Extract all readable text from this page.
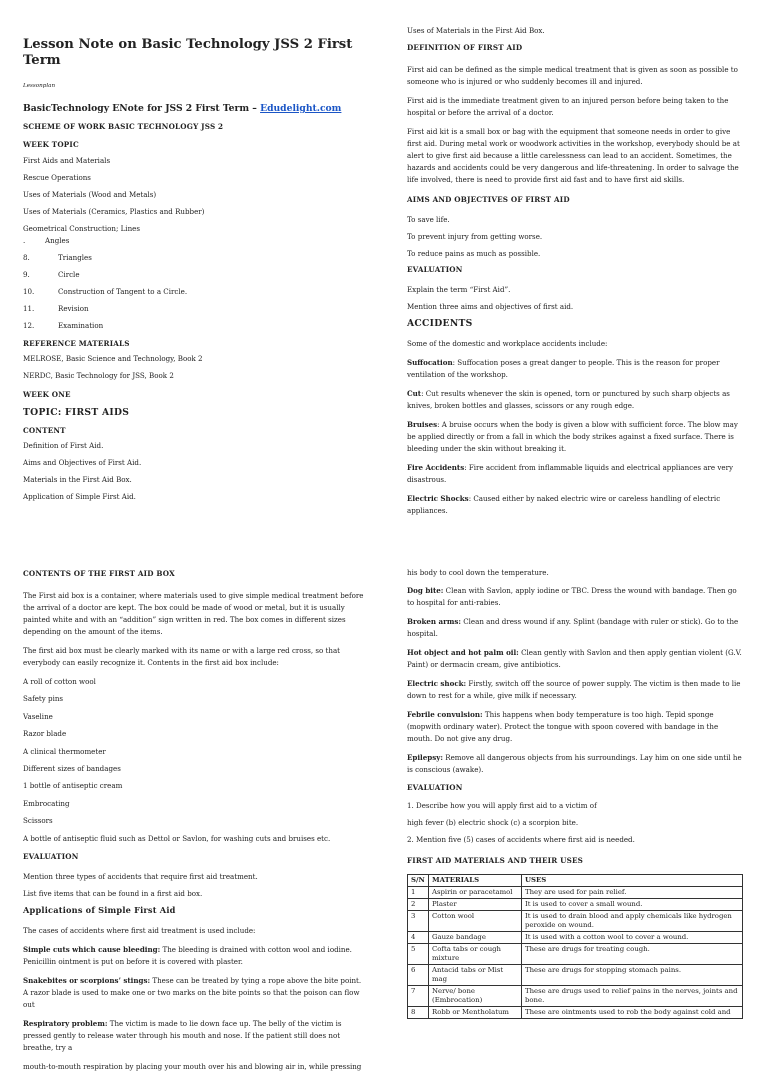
Lesson Note on Basic Technology JSS 2 First Term
Lessonplan
BasicTechnology ENote for JSS 2 First Term – Edudelight.com
SCHEME OF WORK BASIC TECHNOLOGY JSS 2
WEEK TOPIC

First Aids and Materials

Rescue Operations

Uses of Materials (Wood and Metals)

Uses of Materials (Ceramics, Plastics and Rubber)

Geometrical Construction; Lines

.	Angles
8.	Triangles
9.	Circle
10.	Construction of Tangent to a Circle.
11.	Revision
12.	Examination
REFERENCE MATERIALS

MELROSE, Basic Science and Technology, Book 2

NERDC, Basic Technology for JSS, Book 2

WEEK ONE
TOPIC: FIRST AIDS
CONTENT

Definition of First Aid.

Aims and Objectives of First Aid.

Materials in the First Aid Box.

Application of Simple First Aid.

Uses of Materials in the First Aid Box.

DEFINITION OF FIRST AID

First aid can be defined as the simple medical treatment that is given as soon as possible to someone who is injured or who suddenly becomes ill and injured.

First aid is the immediate treatment given to an injured person before being taken to the hospital or before the arrival of a doctor.

First aid kit is a small box or bag with the equipment that someone needs in order to give first aid. During metal work or woodwork activities in the workshop, everybody should be at alert to give first aid because a little carelessness can lead to an accident. Sometimes, the hazards and accidents could be very dangerous and life-threatening. In order to salvage the life involved, there is need to provide first aid fast and to have first aid skills.

AIMS AND OBJECTIVES OF FIRST AID

To save life.

To prevent injury from getting worse.

To reduce pains as much as possible.

EVALUATION

Explain the term “First Aid”.

Mention three aims and objectives of first aid.

ACCIDENTS

Some of the domestic and workplace accidents include:

Suffocation: Suffocation poses a great danger to people. This is the reason for proper ventilation of the workshop.

Cut: Cut results whenever the skin is opened, torn or punctured by such sharp objects as knives, broken bottles and glasses, scissors or any rough edge.

Bruises: A bruise occurs when the body is given a blow with sufficient force. The blow may be applied directly or from a fall in which the body strikes against a fixed surface. There is bleeding under the skin without breaking it.

Fire Accidents: Fire accident from inflammable liquids and electrical appliances are very disastrous.

Electric Shocks: Caused either by naked electric wire or careless handling of electric appliances.

CONTENTS OF THE FIRST AID BOX

The First aid box is a container, where materials used to give simple medical treatment before the arrival of a doctor are kept. The box could be made of wood or metal, but it is usually painted white and with an “addition” sign written in red. The box comes in different sizes depending on the amount of the items.

The first aid box must be clearly marked with its name or with a large red cross, so that everybody can easily recognize it. Contents in the first aid box include:

A roll of cotton wool

Safety pins

Vaseline

Razor blade

A clinical thermometer

Different sizes of bandages

1 bottle of antiseptic cream

Embrocating

Scissors

A bottle of antiseptic fluid such as Dettol or Savlon, for washing cuts and bruises etc.

EVALUATION

Mention three types of accidents that require first aid treatment.

List five items that can be found in a first aid box.

Applications of Simple First Aid

The cases of accidents where first aid treatment is used include:

Simple cuts which cause bleeding: The bleeding is drained with cotton wool and iodine. Penicillin ointment is put on before it is covered with plaster.

Snakebites or scorpions’ stings: These can be treated by tying a rope above the bite point. A razor blade is used to make one or two marks on the bite points so that the poison can flow out

Respiratory problem: The victim is made to lie down face up. The belly of the victim is pressed gently to release water through his mouth and nose. If the patient still does not breathe, try a

mouth-to-mouth respiration by placing your mouth over his and blowing air in, while pressing

his body to cool down the temperature.

Dog bite: Clean with Savlon, apply iodine or TBC. Dress the wound with bandage. Then go to hospital for anti-rabies.

Broken arms: Clean and dress wound if any. Splint (bandage with ruler or stick). Go to the hospital.

Hot object and hot palm oil: Clean gently with Savlon and then apply gentian violent (G.V. Paint) or dermacin cream, give antibiotics.

Electric shock: Firstly, switch off the source of power supply. The victim is then made to lie down to rest for a while, give milk if necessary.

Febrile convulsion: This happens when body temperature is too high. Tepid sponge (mopwith ordinary water). Protect the tongue with spoon covered with bandage in the mouth. Do not give any drug.

Epilepsy: Remove all dangerous objects from his surroundings. Lay him on one side until he is conscious (awake).

EVALUATION

1. Describe how you will apply first aid to a victim of

high fever (b) electric shock (c) a scorpion bite.

2. Mention five (5) cases of accidents where first aid is needed.

FIRST AID MATERIALS AND THEIR USES
S/N	MATERIALS	USES
1	Aspirin or paracetamol	They are used for pain relief.
2	Plaster	It is used to cover a small wound.
3	Cotton wool	It is used to drain blood and apply chemicals like hydrogen peroxide on wound.
4	Gauze bandage	It is used with a cotton wool to cover a wound.
5	Cofta tabs or cough mixture	These are drugs for treating cough.
6	Antacid tabs or Mist mag	These are drugs for stopping stomach pains.
7	Nerve/ bone (Embrocation)	These are drugs used to relief pains in the nerves, joints and bone.
8	Robb or Mentholatum	These are ointments used to rob the body against cold and
